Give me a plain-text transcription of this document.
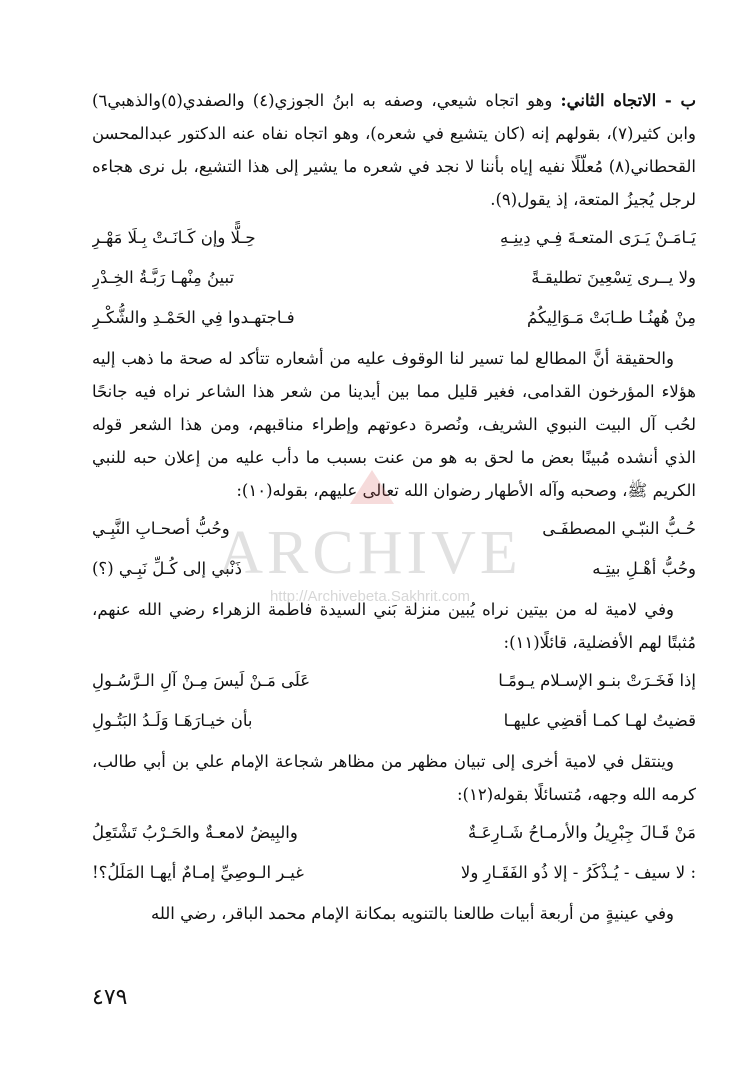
ب - الاتجاه الثاني: وهو اتجاه شيعي، وصفه به ابنُ الجوزي(٤) والصفدي(٥)والذهبي٦) وابن كثير(٧)، بقولهم إنه (كان يتشيع في شعره)، وهو اتجاه نفاه عنه الدكتور عبدالمحسن القحطاني(٨) مُعلّلًا نفيه إياه بأننا لا نجد في شعره ما يشير إلى هذا التشيع، بل نرى هجاءه لرجل يُجيزُ المتعة، إذ يقول(٩).

يَـامَـنْ يَـرَى المتعـةَ فِـي دِينِـهِ
حِـلًّا وإن كَـانَـتْ بِـلَا مَهْـرِ
ولا يــرى تِسْعِينَ تطليقـةً
تبينُ مِنْهـا رَبَّـةُ الخِـدْرِ
مِنْ هُهنُـا طـابَتْ مَـوَالِيكُمُ
فـاجتهـدوا فِي الحَمْـدِ والشُّكْـرِ

والحقيقة أنَّ المطالع لما تسير لنا الوقوف عليه من أشعاره تتأكد له صحة ما ذهب إليه هؤلاء المؤرخون القدامى، فغير قليل مما بين أيدينا من شعر هذا الشاعر نراه فيه جانحًا لحُب آل البيت النبوي الشريف، ونُصرة دعوتهم وإطراء مناقبهم، ومن هذا الشعر قوله الذي أنشده مُبينًا بعض ما لحق به هو من عنت بسبب ما دأب عليه من إعلان حبه للنبي الكريم ﷺ، وصحبه وآله الأطهار رضوان الله تعالى عليهم، بقوله(١٠):

حُـبُّ النبّـي المصطفَـى
وحُبُّ أصحـابِ النَّبِـي
وحُبُّ أهْـلِ بيتِـه
ذَنْبي إلى كُـلِّ نَبِـي (؟)

وفي لامية له من بيتين نراه يُبين منزلة بَني السيدة فاطمة الزهراء رضي الله عنهم، مُثبتًا لهم الأفضلية، قائلًا(١١):

إذا فَخَـرَتْ بنـو الإسـلام يـومًـا
عَلَى مَـنْ لَيسَ مِـنْ آلِ الـرَّسُـولِ
قضيتُ لهـا كمـا أقضِي عليهـا
بأن خيـارَهَـا وَلَـدُ البَتُـولِ

وينتقل في لامية أخرى إلى تبيان مظهر من مظاهر شجاعة الإمام علي بن أبي طالب، كرمه الله وجهه، مُتسائلًا بقوله(١٢):

مَنْ قَـالَ جِبْرِيلُ والأرمـاحُ شَـارِعَـةٌ
والبِيضُ لامعـةٌ والحَـرْبُ تَشْتَعِلُ
: لا سيف - يُـذْكَرُ - إلا ذُو الفَقَـارِ ولا
غيـر الـوصِيِّ إمـامٌ أيهـا المَلَلُ؟!

وفي عينيةٍ من أربعة أبيات طالعنا بالتنويه بمكانة الإمام محمد الباقر، رضي الله

ARCHIVE
http://Archivebeta.Sakhrit.com
٤٧٩
